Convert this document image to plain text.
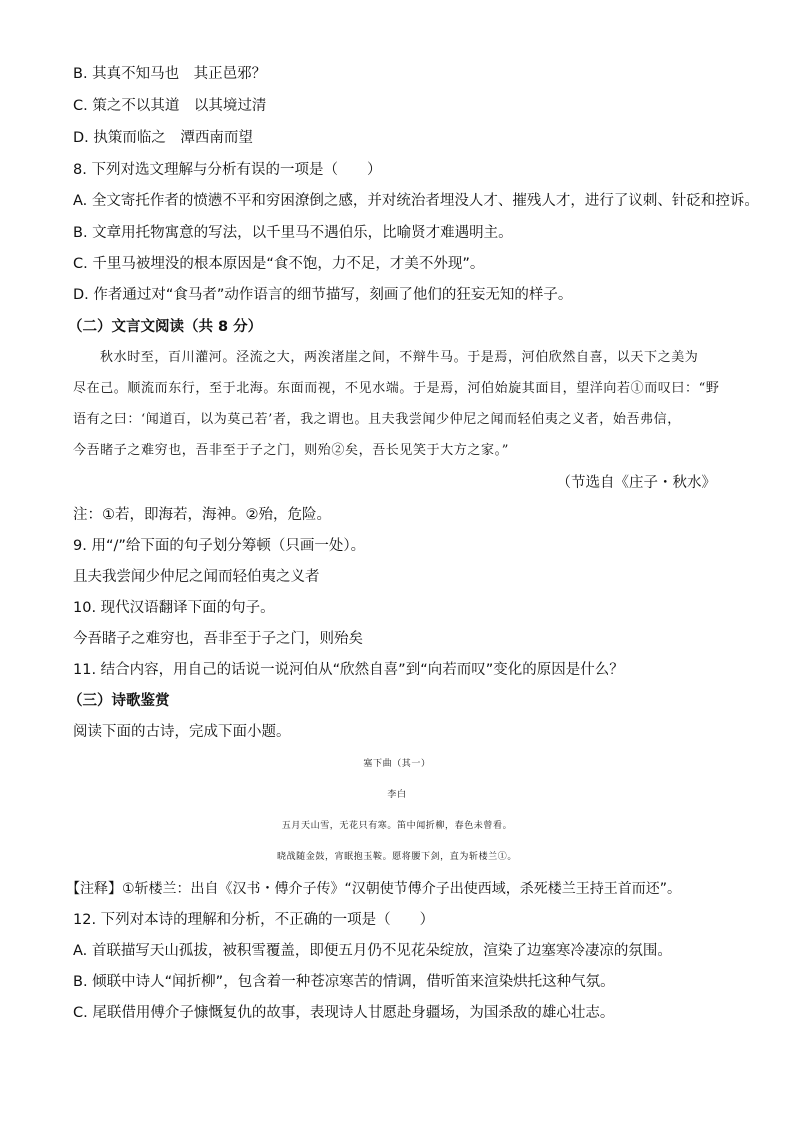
B. 其真不知马也　其正邑邪？
C. 策之不以其道　以其境过清
D. 执策而临之　潭西南而望
8. 下列对选文理解与分析有误的一项是（　　）
A. 全文寄托作者的愤懑不平和穷困潦倒之感，并对统治者埋没人才、摧残人才，进行了议刺、针砭和控诉。
B. 文章用托物寓意的写法，以千里马不遇伯乐，比喻贤才难遇明主。
C. 千里马被埋没的根本原因是“食不饱，力不足，才美不外现”。
D. 作者通过对“食马者”动作语言的细节描写，刻画了他们的狂妄无知的样子。
（二）文言文阅读（共 8 分）
秋水时至，百川灌河。泾流之大，两涘渚崖之间，不辩牛马。于是焉，河伯欣然自喜，以天下之美为
尽在己。顺流而东行，至于北海。东面而视，不见水端。于是焉，河伯始旋其面目，望洋向若①而叹曰：“野
语有之曰：‘闻道百，以为莫己若’者，我之谓也。且夫我尝闻少仲尼之闻而轻伯夷之义者，始吾弗信，
今吾睹子之难穷也，吾非至于子之门，则殆②矣，吾长见笑于大方之家。”
（节选自《庄子・秋水》
注：①若，即海若，海神。②殆，危险。
9. 用“/”给下面的句子划分筹顿（只画一处）。
且夫我尝闻少仲尼之闻而轻伯夷之义者
10. 现代汉语翻译下面的句子。
今吾睹子之难穷也，吾非至于子之门，则殆矣
11. 结合内容，用自己的话说一说河伯从“欣然自喜”到“向若而叹”变化的原因是什么？
（三）诗歌鉴赏
阅读下面的古诗，完成下面小题。
塞下曲（其一）
李白
五月天山雪，无花只有寒。笛中闻折柳，春色未曾看。
晓战随金鼓，宵眠抱玉鞍。愿将腰下剑，直为斩楼兰①。
【注释】①斩楼兰：出自《汉书・傅介子传》“汉朝使节傅介子出使西域，杀死楼兰王持王首而还”。
12. 下列对本诗的理解和分析，不正确的一项是（　　）
A. 首联描写天山孤拔，被积雪覆盖，即便五月仍不见花朵绽放，渲染了边塞寒冷凄凉的氛围。
B. 倾联中诗人“闻折柳”，包含着一种苍凉寒苦的情调，借听笛来渲染烘托这种气氛。
C. 尾联借用傅介子慷慨复仇的故事，表现诗人甘愿赴身疆场，为国杀敌的雄心壮志。
